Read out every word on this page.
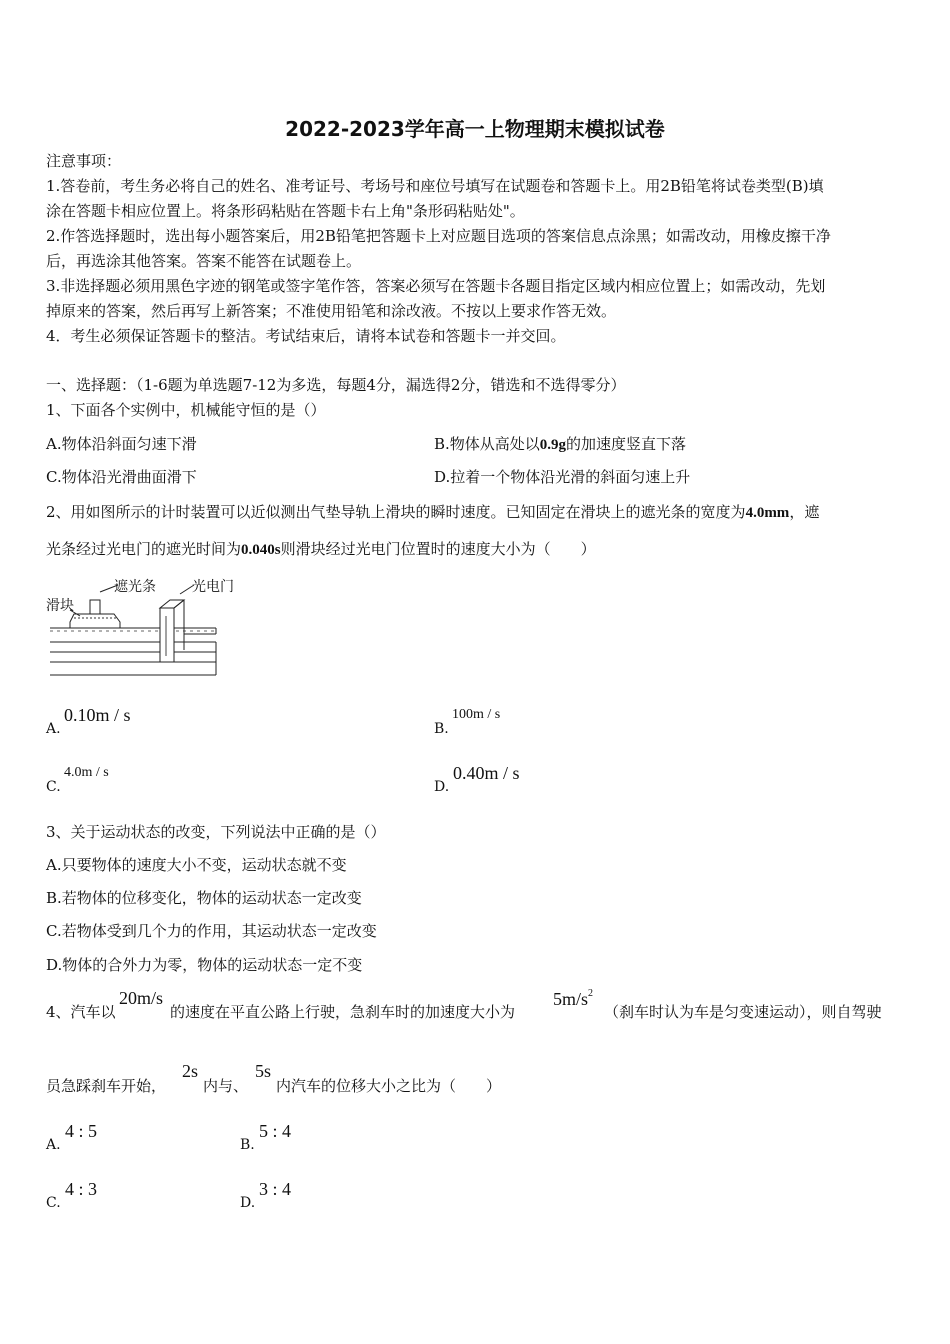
2022-2023学年高一上物理期末模拟试卷
注意事项：
1.答卷前，考生务必将自己的姓名、准考证号、考场号和座位号填写在试题卷和答题卡上。用2B铅笔将试卷类型(B)填
涂在答题卡相应位置上。将条形码粘贴在答题卡右上角"条形码粘贴处"。
2.作答选择题时，选出每小题答案后，用2B铅笔把答题卡上对应题目选项的答案信息点涂黑；如需改动，用橡皮擦干净
后，再选涂其他答案。答案不能答在试题卷上。
3.非选择题必须用黑色字迹的钢笔或签字笔作答，答案必须写在答题卡各题目指定区域内相应位置上；如需改动，先划
掉原来的答案，然后再写上新答案；不准使用铅笔和涂改液。不按以上要求作答无效。
4．考生必须保证答题卡的整洁。考试结束后，请将本试卷和答题卡一并交回。
一、选择题：（1-6题为单选题7-12为多选，每题4分，漏选得2分，错选和不选得零分）
1、下面各个实例中，机械能守恒的是（）
A.物体沿斜面匀速下滑	B.物体从高处以0.9g的加速度竖直下落
C.物体沿光滑曲面滑下	D.拉着一个物体沿光滑的斜面匀速上升
2、用如图所示的计时装置可以近似测出气垫导轨上滑块的瞬时速度。已知固定在滑块上的遮光条的宽度为4.0mm，遮
光条经过光电门的遮光时间为0.040s则滑块经过光电门位置时的速度大小为（　　）
滑块
遮光条	光电门
A.
0.10m / s
B.
100m / s
C.
4.0m / s
D.
0.40m / s
3、关于运动状态的改变，下列说法中正确的是（）
A.只要物体的速度大小不变，运动状态就不变
B.若物体的位移变化，物体的运动状态一定改变
C.若物体受到几个力的作用，其运动状态一定改变
D.物体的合外力为零，物体的运动状态一定不变
4、汽车以
20m/s
的速度在平直公路上行驶，急刹车时的加速度大小为
$5m/s^2$
（刹车时认为车是匀变速运动），则自驾驶
员急踩刹车开始，
2s
内与、
5s
内汽车的位移大小之比为（　　）
A.
4 : 5
B.
5 : 4
C.
4 : 3
D.
3 : 4
